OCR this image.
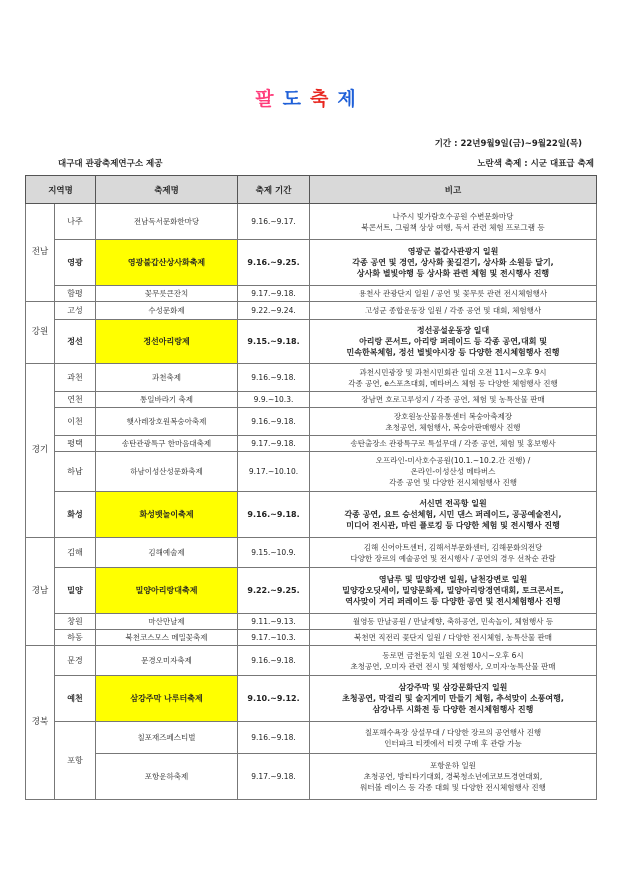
팔도축제
기간 : 22년9월9일(금)~9월22일(목)
대구대 관광축제연구소 제공	노란색 축제 : 시군 대표급 축제
지역명		축제명	축제 기간	비고
전남	나주	전남독서문화한마당	9.16.~9.17.	나주시 빛가람호수공원 수변문화마당
북콘서트, 그림책 상상 여행, 독서 관련 체험 프로그램 등
	영광	영광불갑산상사화축제	9.16.~9.25.	영광군 불갑사관광지 일원
각종 공연 및 경연, 상사화 꽃길걷기, 상사화 소원등 달기,
상사화 별빛야행 등 상사화 관련 체험 및 전시행사 진행
	함평	꽃무릇큰잔치	9.17.~9.18.	용천사 관광단지 일원 / 공연 및 꽃무릇 관련 전시체험행사
강원	고성	수성문화제	9.22.~9.24.	고성군 종합운동장 일원 / 각종 공연 및 대회, 체험행사
	정선	정선아리랑제	9.15.~9.18.	정선공설운동장 일대
아리랑 콘서트, 아리랑 퍼레이드 등 각종 공연,대회 및
민속한복체험, 정선 별빛야시장 등 다양한 전시체험행사 진행
경기	과천	과천축제	9.16.~9.18.	과천시민광장 및 과천시민회관 일대 오전 11시~오후 9시
각종 공연, e스포츠대회, 메타버스 체험 등 다양한 체험행사 진행
	연천	통일바라기 축제	9.9.~10.3.	장남면 호로고루성지 / 각종 공연, 체험 및 농특산물 판매
	이천	햇사레장호원복숭아축제	9.16.~9.18.	장호원농산물유통센터 복숭아축제장
초청공연, 체험행사, 복숭아판매행사 진행
	평택	송탄관광특구 한마음대축제	9.17.~9.18.	송탄출장소 관광특구로 특설무대 / 각종 공연, 체험 및 홍보행사
	하남	하남이성산성문화축제	9.17.~10.10.	오프라인-미사호수공원(10.1.~10.2.간 진행) /
온라인-이성산성 메타버스
각종 공연 및 다양한 전시체험행사 진행
	화성	화성뱃놀이축제	9.16.~9.18.	서신면 전곡항 일원
각종 공연, 요트 승선체험, 시민 댄스 퍼레이드, 공공예술전시,
미디어 전시관, 마린 플로킹 등 다양한 체험 및 전시행사 진행
경남	김해	김해예술제	9.15.~10.9.	김해 신어아트센터, 김해서부문화센터, 김해문화의전당
다양한 장르의 예술공연 및 전시행사 / 공연의 경우 선착순 관람
	밀양	밀양아리랑대축제	9.22.~9.25.	영남루 및 밀양강변 일원, 남천강변로 일원
밀양강오딧세이, 밀양문화제, 밀양아리랑경연대회, 토크콘서트,
역사맞이 거리 퍼레이드 등 다양한 공연 및 전시체험행사 진행
	창원	마산만날제	9.11.~9.13.	월영동 만날공원 / 만날제향, 축하공연, 민속놀이, 체험행사 등
	하동	북천코스모스 메밀꽃축제	9.17.~10.3.	북천면 직전리 꽃단지 일원 / 다양한 전시체험, 농특산물 판매
경북	문경	문경오미자축제	9.16.~9.18.	동로면 금천둔치 일원 오전 10시~오후 6시
초청공연, 오미자 관련 전시 및 체험행사, 오미자·농특산물 판매
	예천	삼강주막 나루터축제	9.10.~9.12.	삼강주막 및 삼강문화단지 일원
초청공연, 막걸리 및 술지게미 만들기 체험, 추석맞이 소풍여행,
삼강나루 시화전 등 다양한 전시체험행사 진행
	포항	칠포재즈페스티벌	9.16.~9.18.	칠포해수욕장 상설무대 / 다양한 장르의 공연행사 진행
인터파크 티켓에서 티켓 구매 후 관람 가능
		포항운하축제	9.17.~9.18.	포항운하 일원
초청공연, 방티타기대회, 경북청소년에코보트경연대회,
워터볼 레이스 등 각종 대회 및 다양한 전시체험행사 진행
